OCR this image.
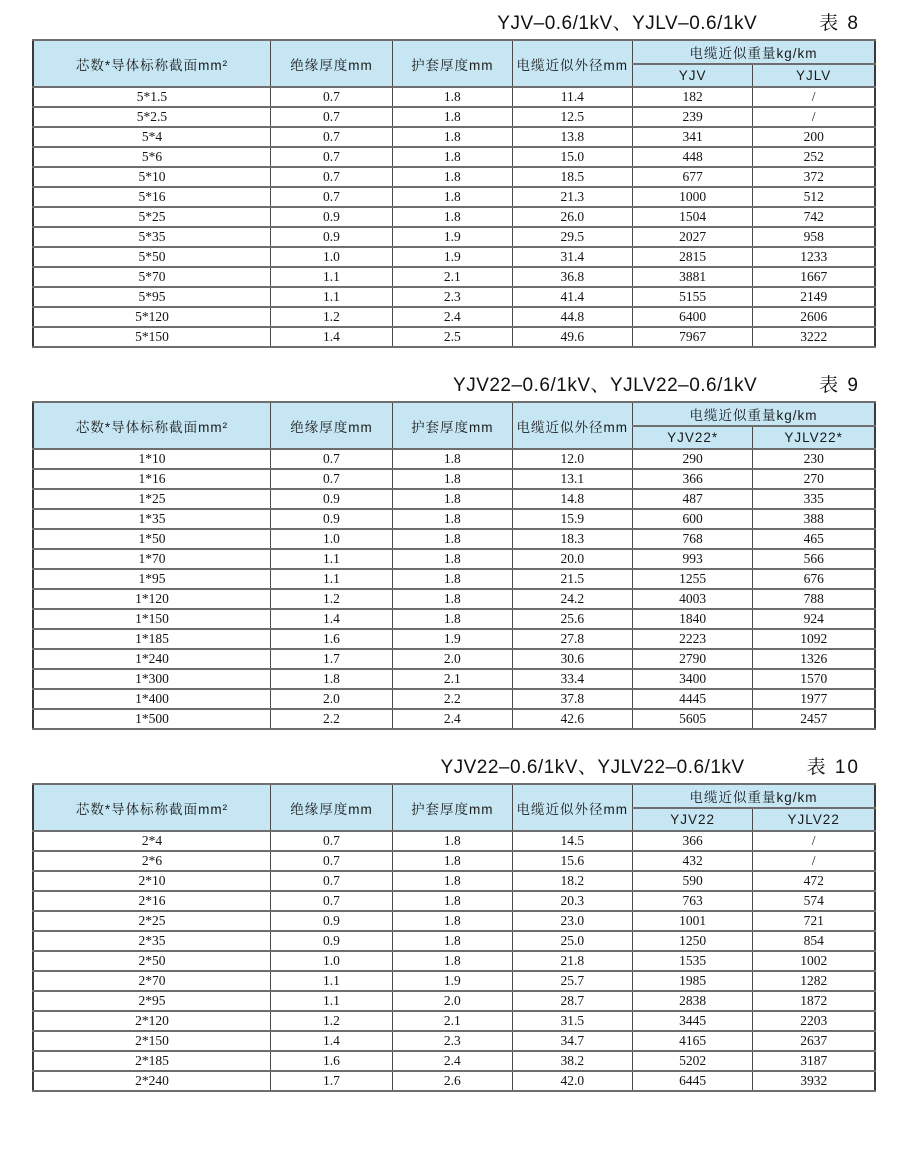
YJV–0.6/1kV、YJLV–0.6/1kV	表 8
芯数*导体标称截面mm²	绝缘厚度mm	护套厚度mm	电缆近似外径mm	电缆近似重量kg/km	
				YJV	YJLV
5*1.5	0.7	1.8	11.4	182	/
5*2.5	0.7	1.8	12.5	239	/
5*4	0.7	1.8	13.8	341	200
5*6	0.7	1.8	15.0	448	252
5*10	0.7	1.8	18.5	677	372
5*16	0.7	1.8	21.3	1000	512
5*25	0.9	1.8	26.0	1504	742
5*35	0.9	1.9	29.5	2027	958
5*50	1.0	1.9	31.4	2815	1233
5*70	1.1	2.1	36.8	3881	1667
5*95	1.1	2.3	41.4	5155	2149
5*120	1.2	2.4	44.8	6400	2606
5*150	1.4	2.5	49.6	7967	3222
YJV22–0.6/1kV、YJLV22–0.6/1kV	表 9
芯数*导体标称截面mm²	绝缘厚度mm	护套厚度mm	电缆近似外径mm	电缆近似重量kg/km	
				YJV22*	YJLV22*
1*10	0.7	1.8	12.0	290	230
1*16	0.7	1.8	13.1	366	270
1*25	0.9	1.8	14.8	487	335
1*35	0.9	1.8	15.9	600	388
1*50	1.0	1.8	18.3	768	465
1*70	1.1	1.8	20.0	993	566
1*95	1.1	1.8	21.5	1255	676
1*120	1.2	1.8	24.2	4003	788
1*150	1.4	1.8	25.6	1840	924
1*185	1.6	1.9	27.8	2223	1092
1*240	1.7	2.0	30.6	2790	1326
1*300	1.8	2.1	33.4	3400	1570
1*400	2.0	2.2	37.8	4445	1977
1*500	2.2	2.4	42.6	5605	2457
YJV22–0.6/1kV、YJLV22–0.6/1kV	表 10
芯数*导体标称截面mm²	绝缘厚度mm	护套厚度mm	电缆近似外径mm	电缆近似重量kg/km	
				YJV22	YJLV22
2*4	0.7	1.8	14.5	366	/
2*6	0.7	1.8	15.6	432	/
2*10	0.7	1.8	18.2	590	472
2*16	0.7	1.8	20.3	763	574
2*25	0.9	1.8	23.0	1001	721
2*35	0.9	1.8	25.0	1250	854
2*50	1.0	1.8	21.8	1535	1002
2*70	1.1	1.9	25.7	1985	1282
2*95	1.1	2.0	28.7	2838	1872
2*120	1.2	2.1	31.5	3445	2203
2*150	1.4	2.3	34.7	4165	2637
2*185	1.6	2.4	38.2	5202	3187
2*240	1.7	2.6	42.0	6445	3932
